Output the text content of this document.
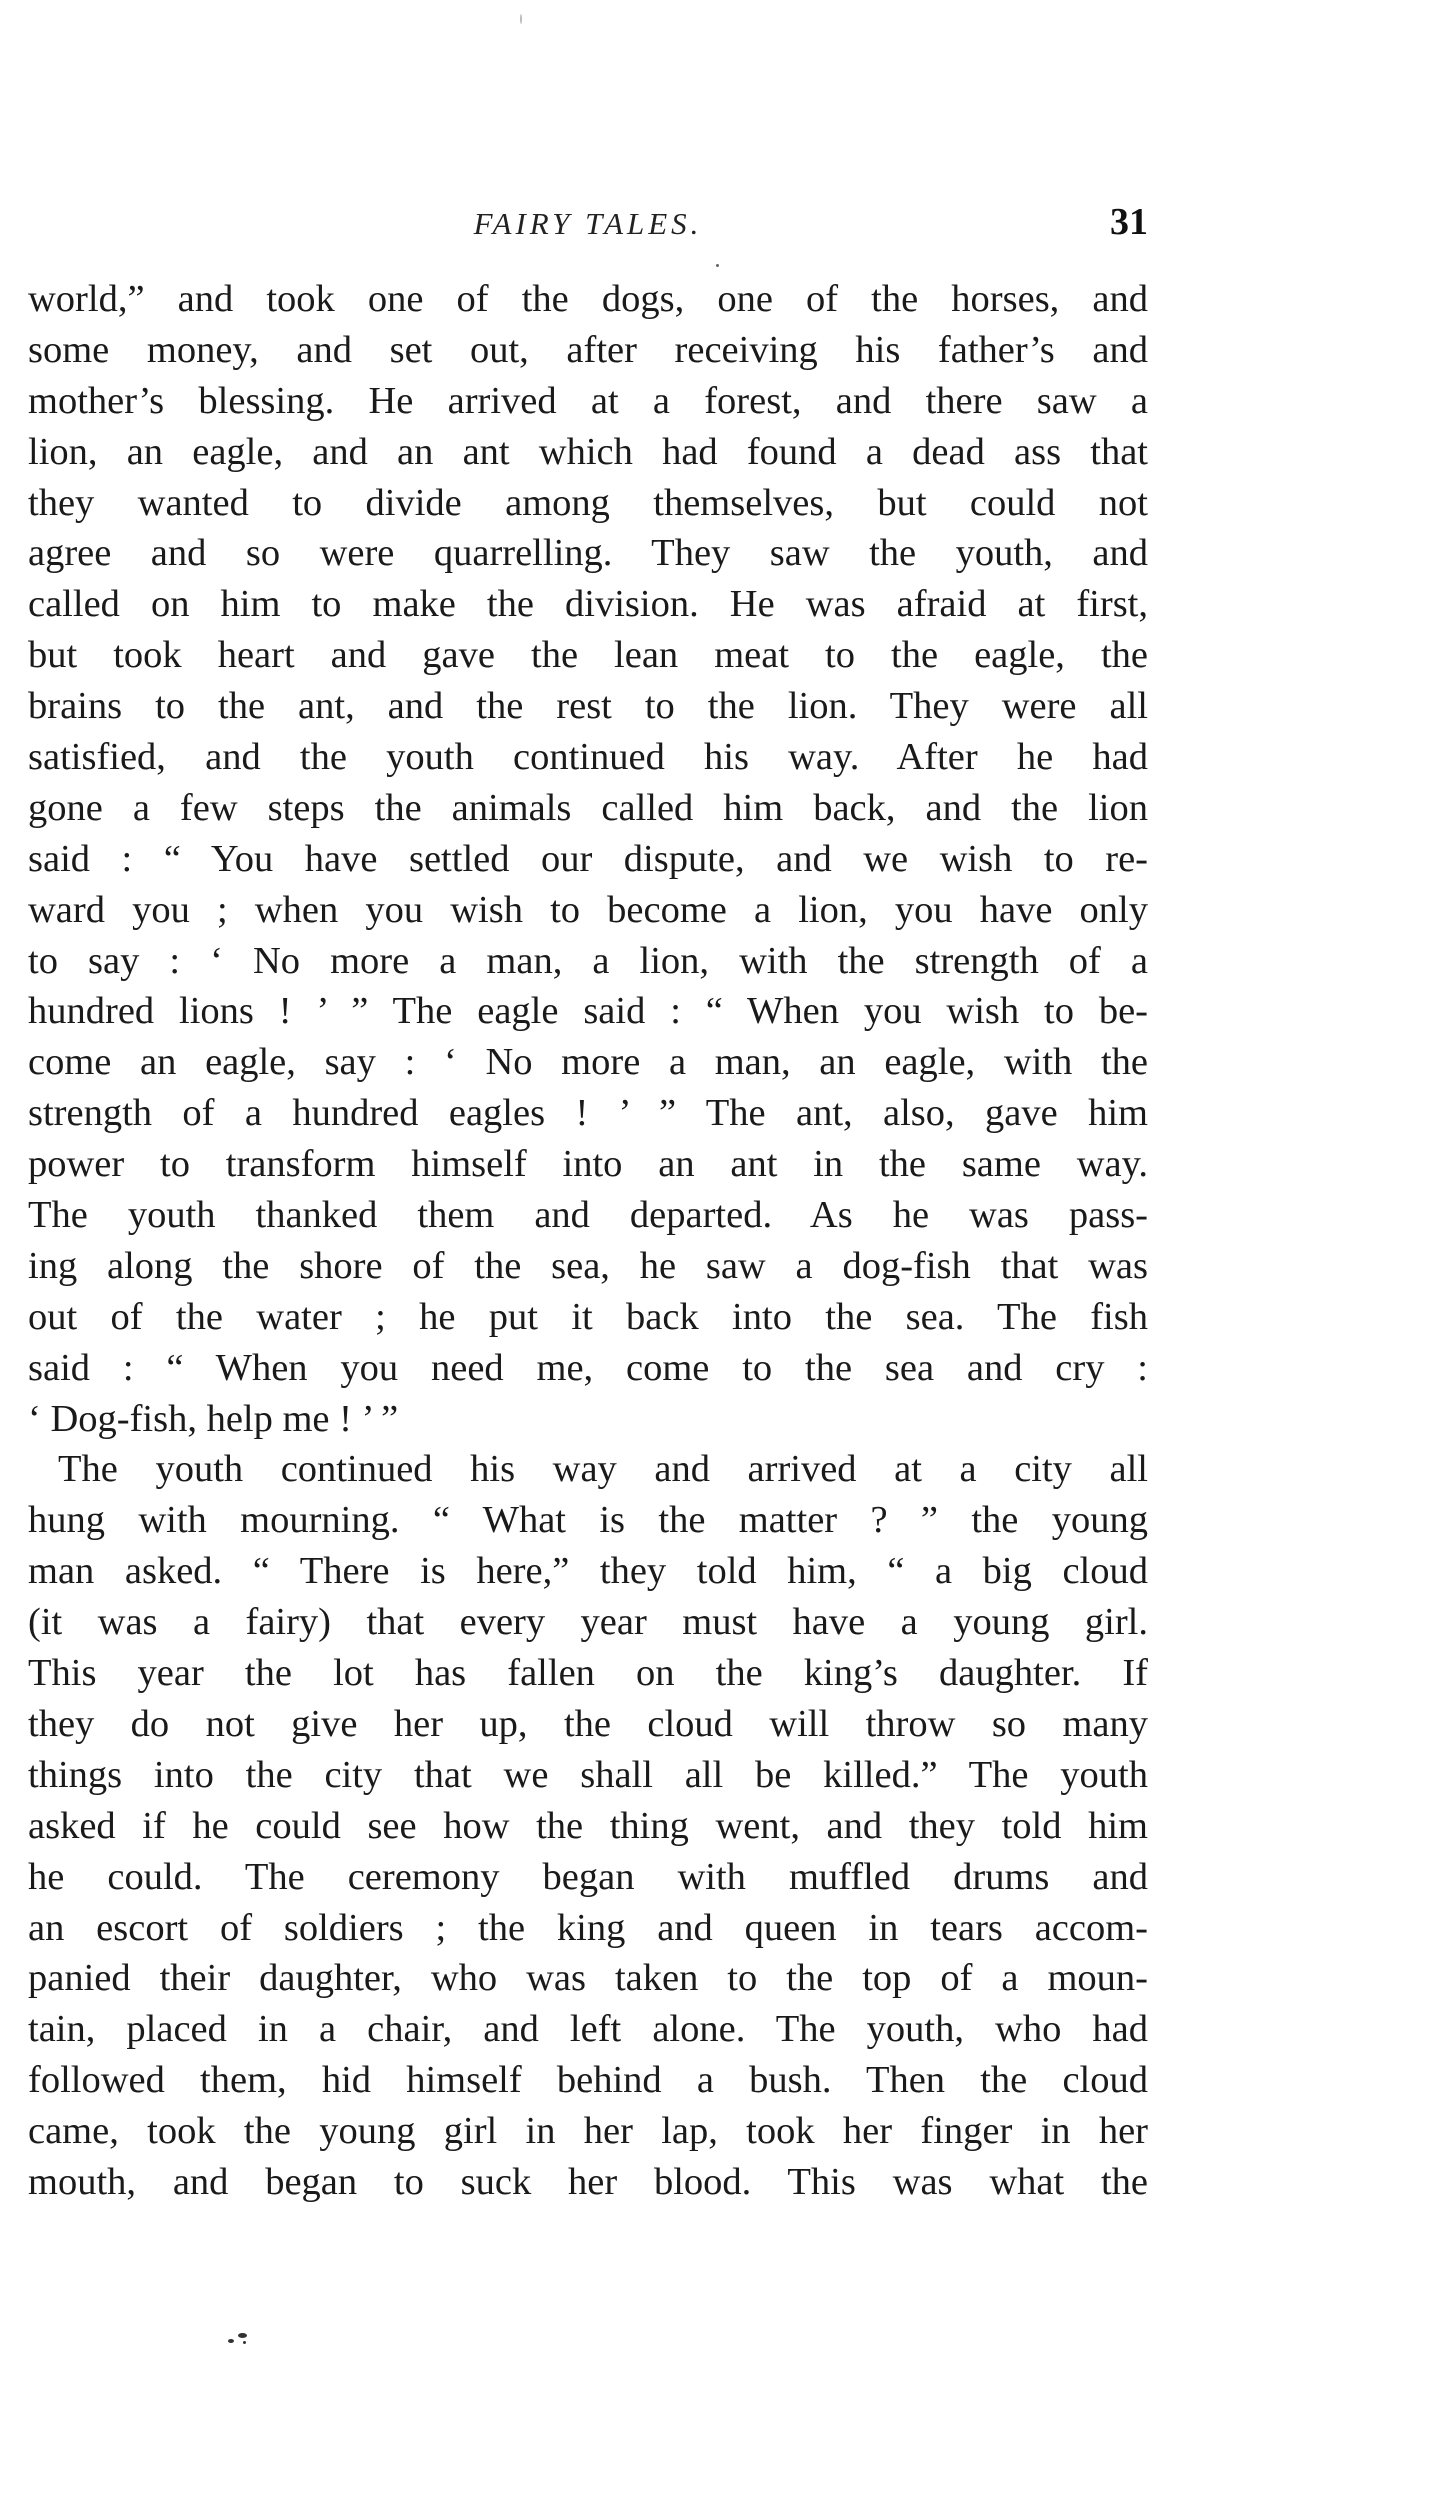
FAIRY TALES.	31
world,” and took one of the dogs, one of the horses, and
some money, and set out, after receiving his father’s and
mother’s blessing. He arrived at a forest, and there saw a
lion, an eagle, and an ant which had found a dead ass that
they wanted to divide among themselves, but could not
agree and so were quarrelling. They saw the youth, and
called on him to make the division. He was afraid at first,
but took heart and gave the lean meat to the eagle, the
brains to the ant, and the rest to the lion. They were all
satisfied, and the youth continued his way. After he had
gone a few steps the animals called him back, and the lion
said : “ You have settled our dispute, and we wish to re-
ward you ; when you wish to become a lion, you have only
to say : ‘ No more a man, a lion, with the strength of a
hundred lions ! ’ ” The eagle said : “ When you wish to be-
come an eagle, say : ‘ No more a man, an eagle, with the
strength of a hundred eagles ! ’ ” The ant, also, gave him
power to transform himself into an ant in the same way.
The youth thanked them and departed. As he was pass-
ing along the shore of the sea, he saw a dog-fish that was
out of the water ; he put it back into the sea. The fish
said : “ When you need me, come to the sea and cry :
‘ Dog-fish, help me ! ’ ”
The youth continued his way and arrived at a city all
hung with mourning. “ What is the matter ? ” the young
man asked. “ There is here,” they told him, “ a big cloud
(it was a fairy) that every year must have a young girl.
This year the lot has fallen on the king’s daughter. If
they do not give her up, the cloud will throw so many
things into the city that we shall all be killed.” The youth
asked if he could see how the thing went, and they told him
he could. The ceremony began with muffled drums and
an escort of soldiers ; the king and queen in tears accom-
panied their daughter, who was taken to the top of a moun-
tain, placed in a chair, and left alone. The youth, who had
followed them, hid himself behind a bush. Then the cloud
came, took the young girl in her lap, took her finger in her
mouth, and began to suck her blood. This was what the
